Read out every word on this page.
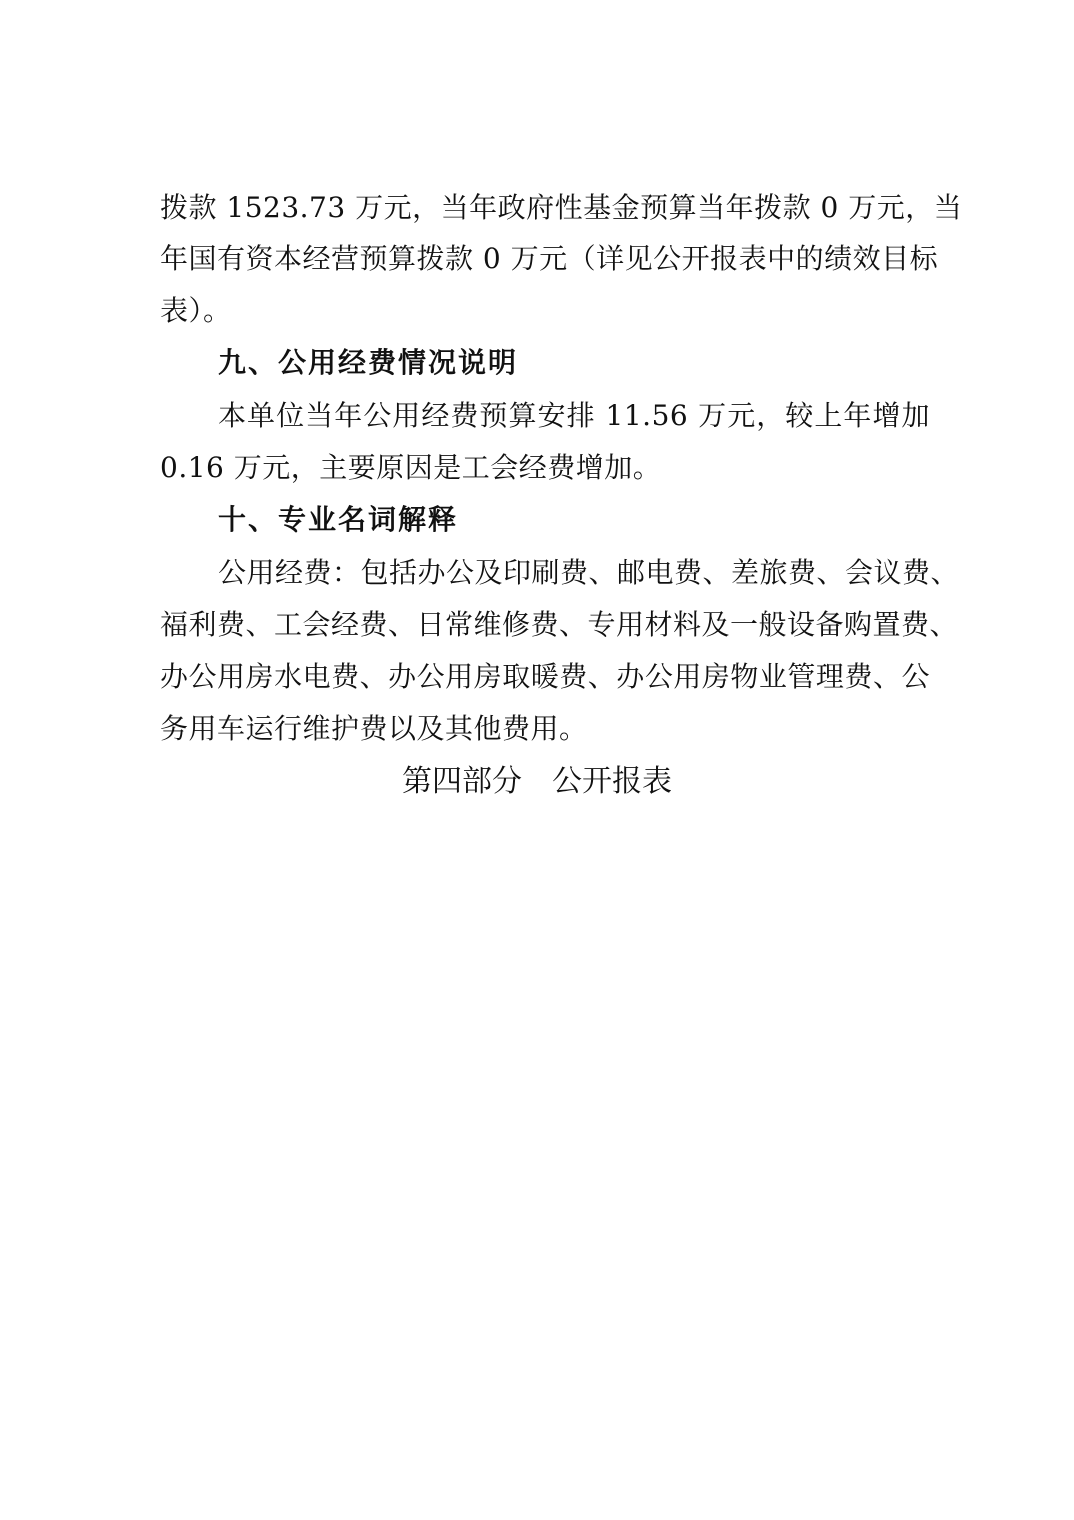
拨款 1523.73 万元，当年政府性基金预算当年拨款 0 万元，当
年国有资本经营预算拨款 0 万元（详见公开报表中的绩效目标
表）。
九、公用经费情况说明
本单位当年公用经费预算安排 11.56 万元，较上年增加
0.16 万元，主要原因是工会经费增加。
十、专业名词解释
公用经费：包括办公及印刷费、邮电费、差旅费、会议费、
福利费、工会经费、日常维修费、专用材料及一般设备购置费、
办公用房水电费、办公用房取暖费、办公用房物业管理费、公
务用车运行维护费以及其他费用。
第四部分　公开报表
